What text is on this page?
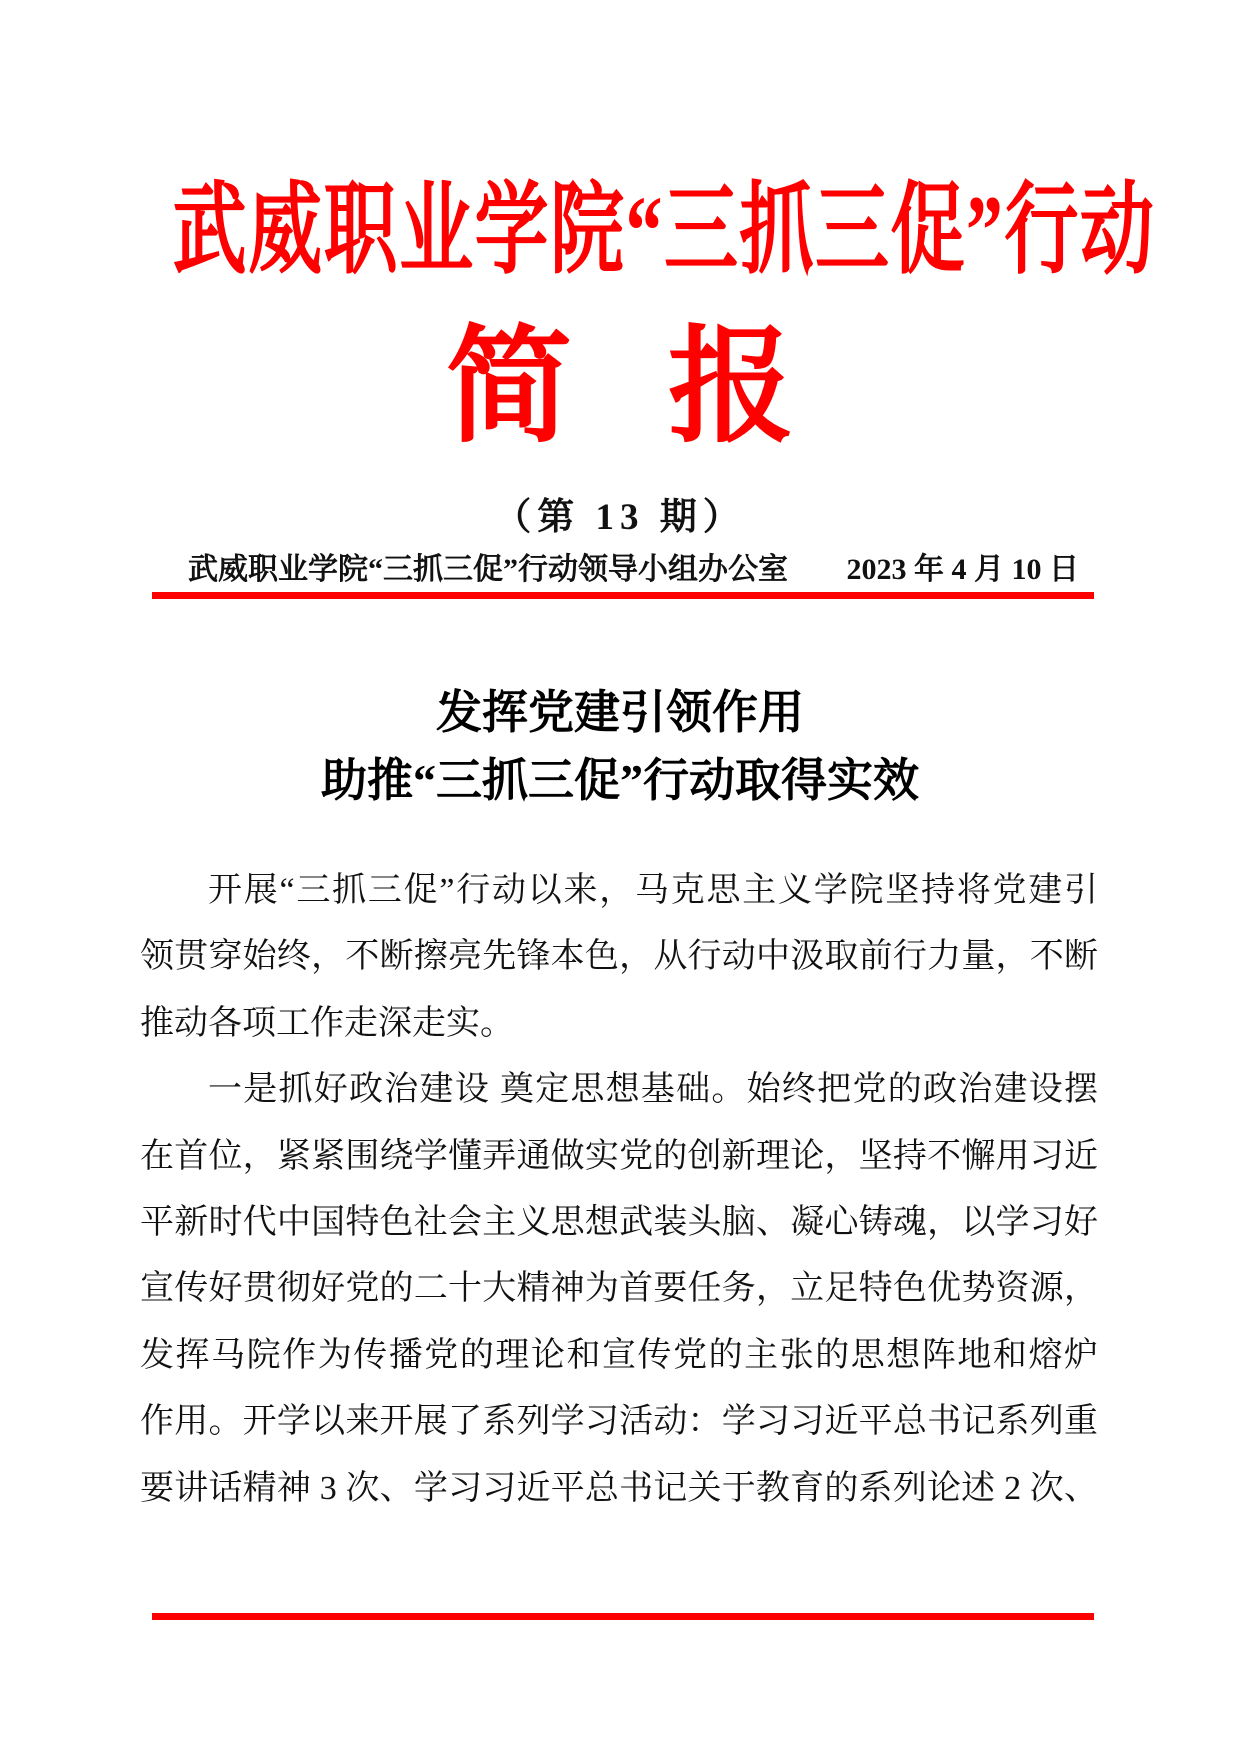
武威职业学院“三抓三促”行动
简 报
（第 13 期）
武威职业学院“三抓三促”行动领导小组办公室 2023 年 4 月 10 日
发挥党建引领作用
助推“三抓三促”行动取得实效
开展“三抓三促”行动以来，马克思主义学院坚持将党建引
领贯穿始终，不断擦亮先锋本色，从行动中汲取前行力量，不断
推动各项工作走深走实。
一是抓好政治建设 奠定思想基础。始终把党的政治建设摆
在首位，紧紧围绕学懂弄通做实党的创新理论，坚持不懈用习近
平新时代中国特色社会主义思想武装头脑、凝心铸魂，以学习好
宣传好贯彻好党的二十大精神为首要任务，立足特色优势资源，
发挥马院作为传播党的理论和宣传党的主张的思想阵地和熔炉
作用。开学以来开展了系列学习活动：学习习近平总书记系列重
要讲话精神 3 次、学习习近平总书记关于教育的系列论述 2 次、
